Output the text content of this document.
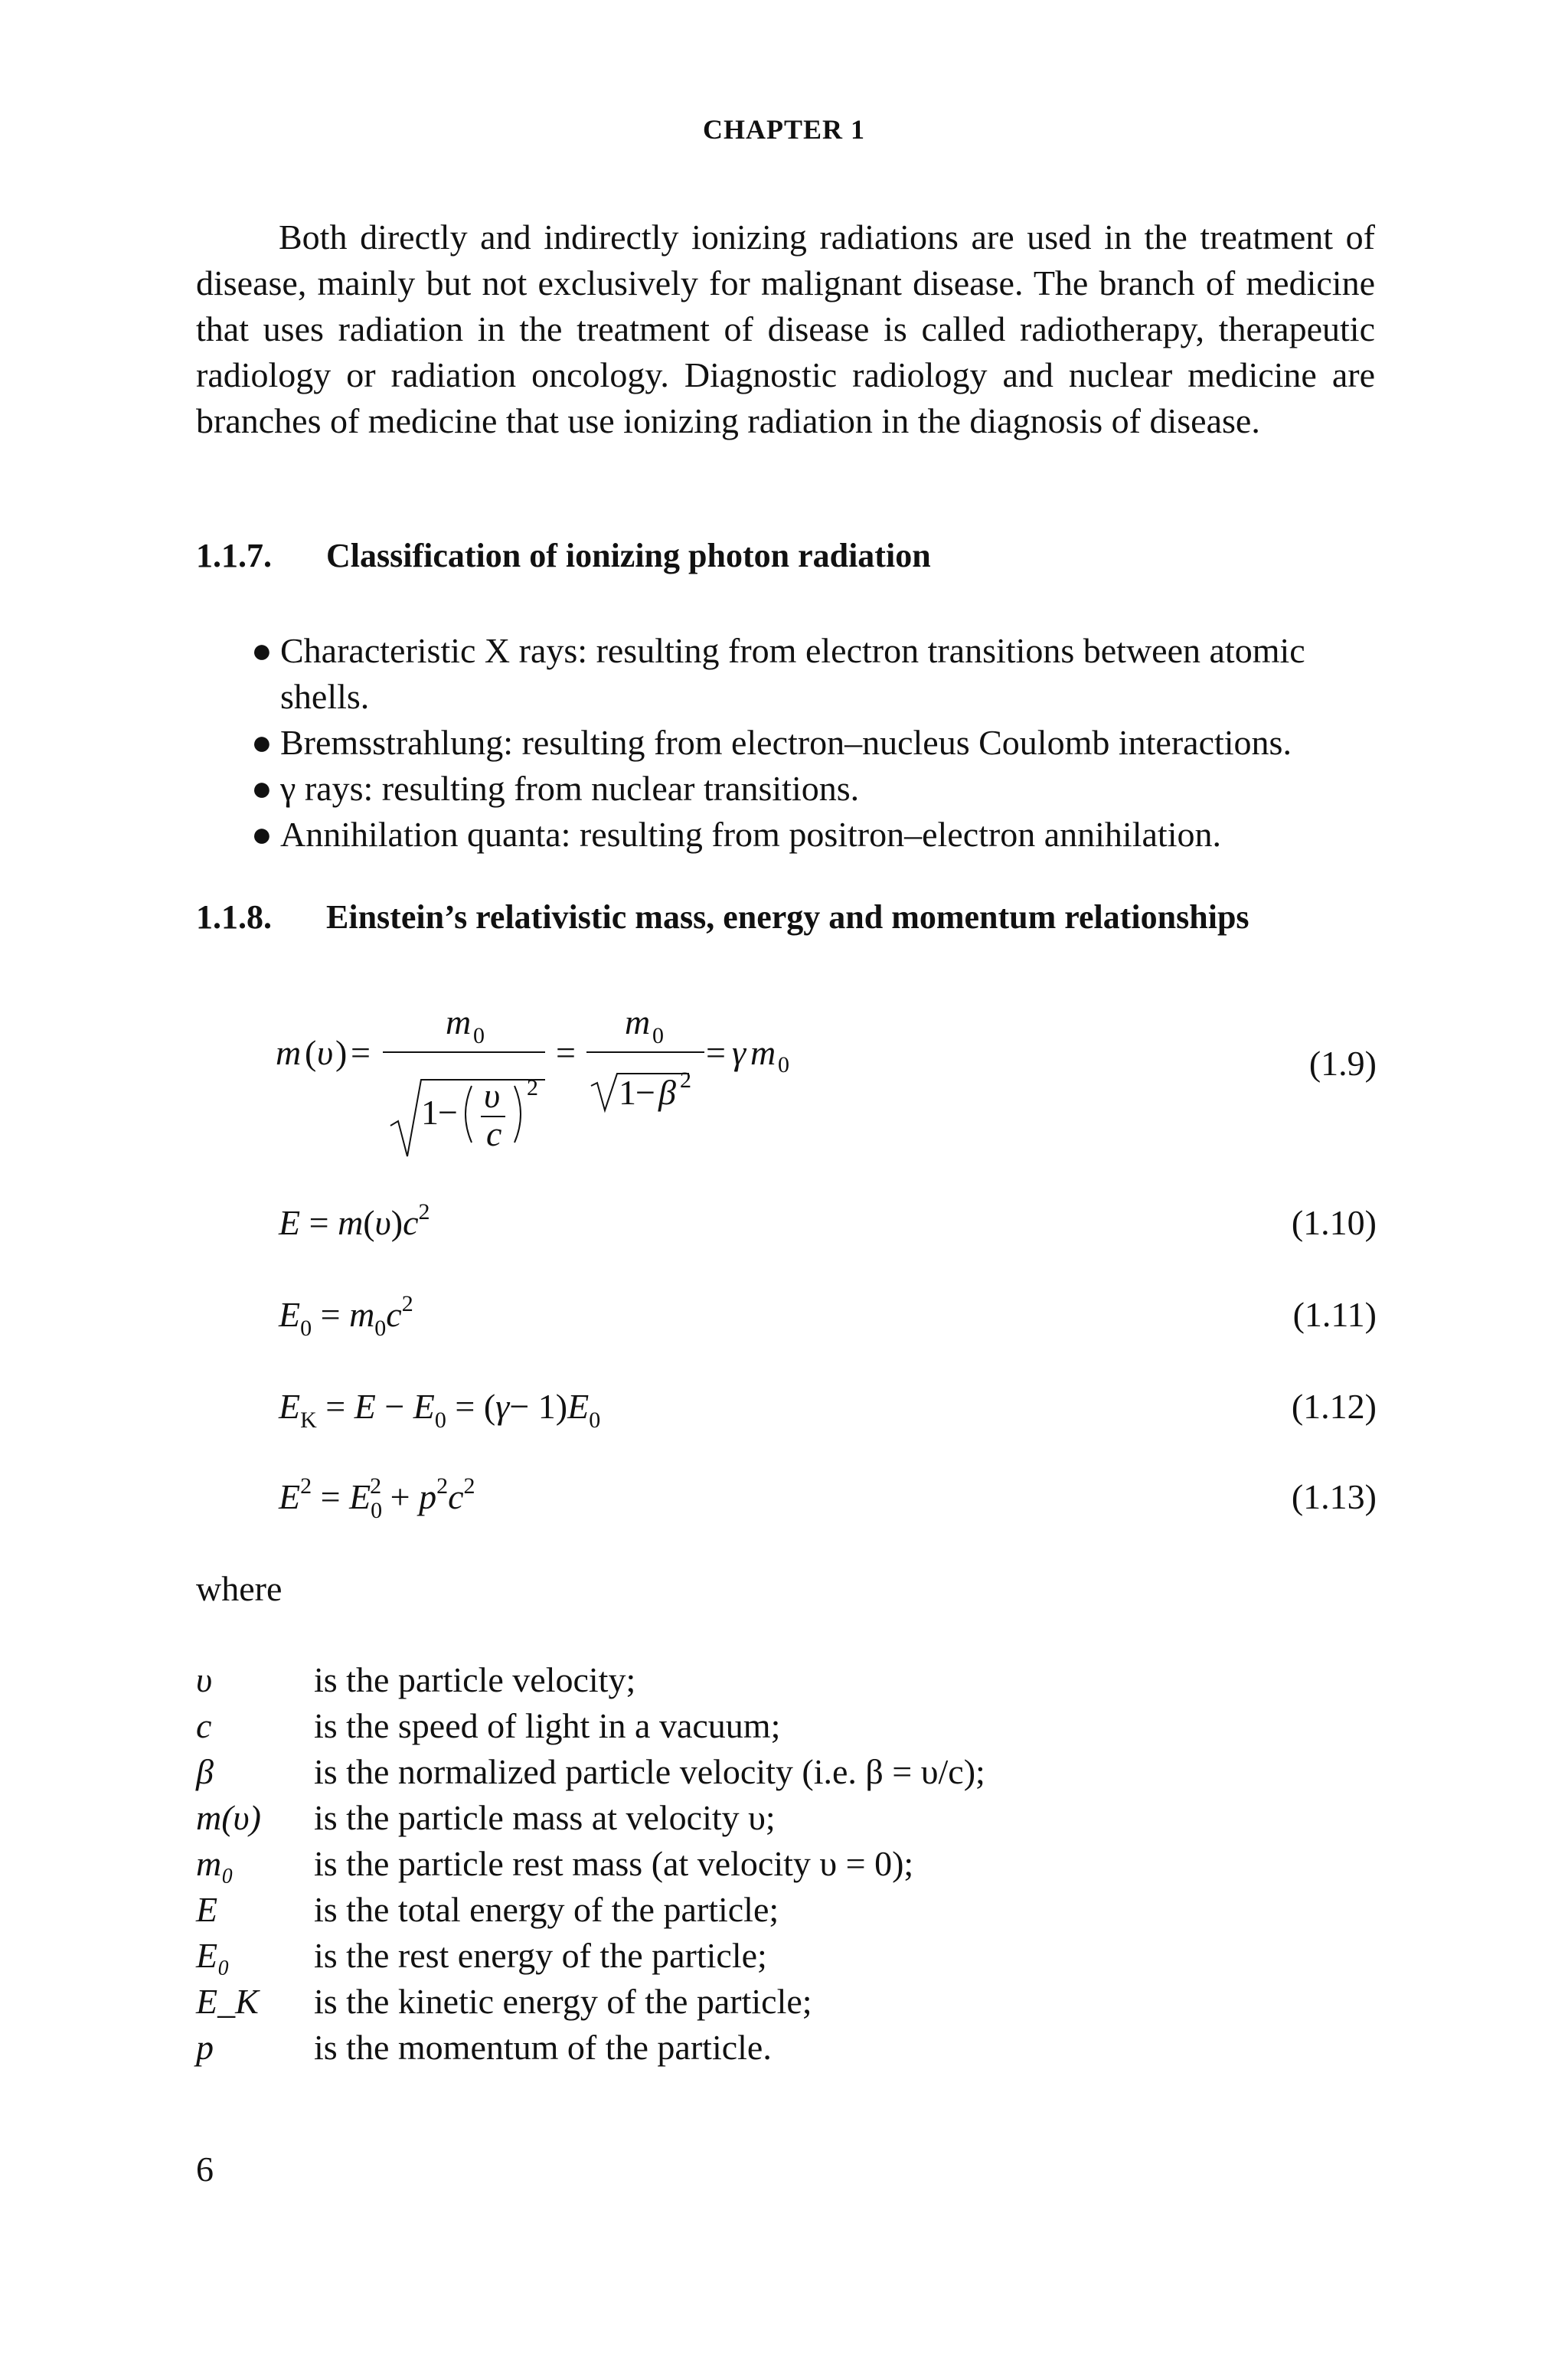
CHAPTER 1

Both directly and indirectly ionizing radiations are used in the treatment of disease, mainly but not exclusively for malignant disease. The branch of medicine that uses radiation in the treatment of disease is called radiotherapy, therapeutic radiology or radiation oncology. Diagnostic radiology and nuclear medicine are branches of medicine that use ionizing radiation in the diagnosis of disease.

1.1.7. Classification of ionizing photon radiation
● Characteristic X rays: resulting from electron transitions between atomic shells.
● Bremsstrahlung: resulting from electron–nucleus Coulomb interactions.
● γ rays: resulting from nuclear transitions.
● Annihilation quanta: resulting from positron–electron annihilation.
1.1.8. Einstein’s relativistic mass, energy and momentum relationships
m ( υ ) =
m 0
1 − υ
c
2
=
m 0
1 − β 2
= γ m 0	(1.9)
$E = m(\upsilon)c^2$	(1.10)
$E_0 = m_0c^2$	(1.11)
$E_K = E - E_0 = (\gamma- 1)E_0$	(1.12)
$E^2 = E_0^2 + p^2c^2$	(1.13)
where
υ	is the particle velocity;
c	is the speed of light in a vacuum;
β	is the normalized particle velocity (i.e. β = υ/c);
m(υ) is the particle mass at velocity υ;
m₀ is the particle rest mass (at velocity υ = 0);
E	is the total energy of the particle;
E₀ is the rest energy of the particle;
E_K is the kinetic energy of the particle;
p	is the momentum of the particle.
6
